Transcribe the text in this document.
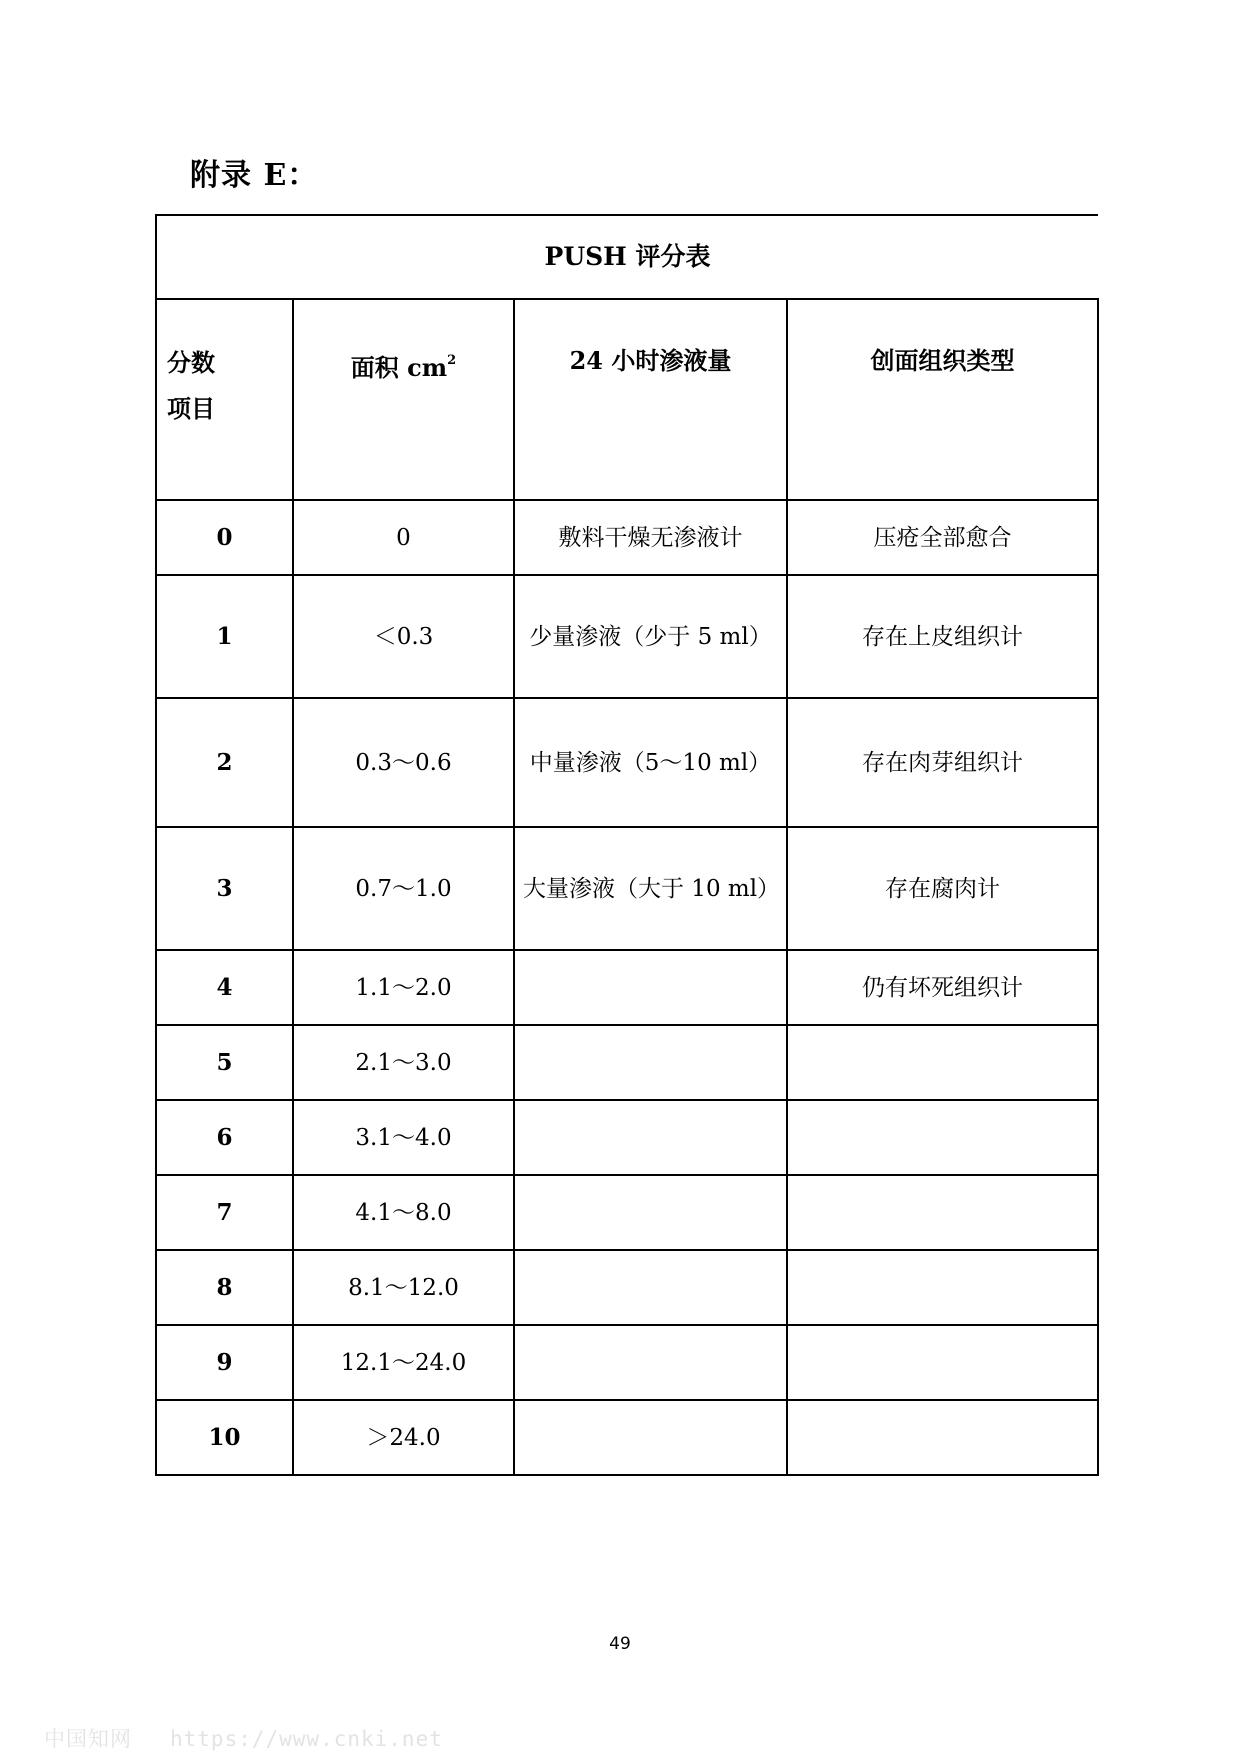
附录 E：
PUSH 评分表			

分数
项目	面积 $cm^2$	24 小时渗液量	创面组织类型
0	0	敷料干燥无渗液计	压疮全部愈合
1	＜0.3	少量渗液（少于 5 ml）	存在上皮组织计
2	0.3～0.6	中量渗液（5～10 ml）	存在肉芽组织计
3	0.7～1.0	大量渗液（大于 10 ml）	存在腐肉计
4	1.1～2.0		仍有坏死组织计
5	2.1～3.0		
6	3.1～4.0		
7	4.1～8.0		
8	8.1～12.0		
9	12.1～24.0		
10	＞24.0		
49
中国知网 https://www.cnki.net
